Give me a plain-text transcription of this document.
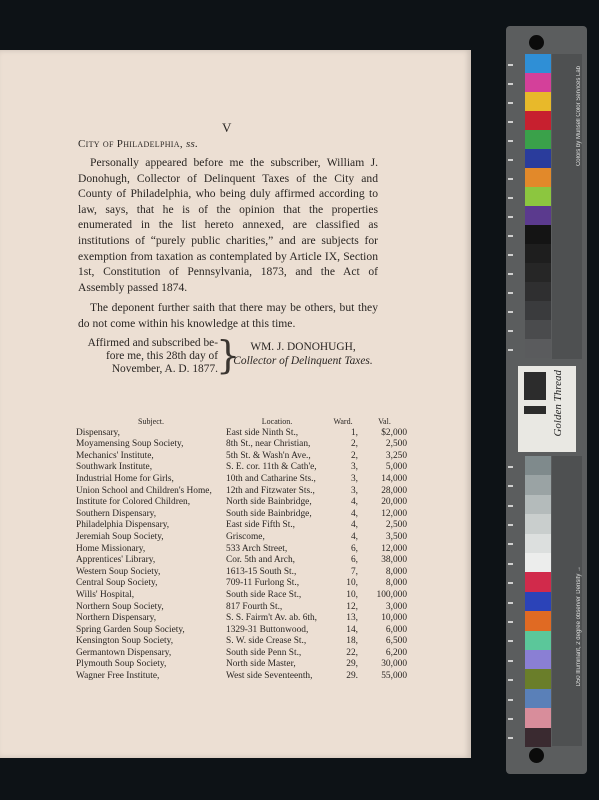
V
City of Philadelphia, ss.
Personally appeared before me the subscriber, William J. Donohugh, Collector of Delinquent Taxes of the City and County of Philadelphia, who being duly affirmed according to law, says, that he is of the opinion that the properties enumerated in the list hereto annexed, are classified as institutions of “purely public charities,” and are subjects for exemption from taxation as contemplated by Article IX, Section 1st, Constitution of Pennsylvania, 1873, and the Act of Assembly passed 1874.
The deponent further saith that there may be others, but they do not come within his knowledge at this time.
Affirmed and subscribed be-
fore me, this 28th day of
November, A. D. 1877.
} WM. J. DONOHUGH,
Collector of Delinquent Taxes.
Subject.	Location.	Ward.	Val.
Dispensary,	East side Ninth St.,	1,	$2,000
Moyamensing Soup Society,	8th St., near Christian,	2,	2,500
Mechanics' Institute,	5th St. & Wash'n Ave.,	2,	3,250
Southwark Institute,	S. E. cor. 11th & Cath'e,	3,	5,000
Industrial Home for Girls,	10th and Catharine Sts.,	3,	14,000
Union School and Children's Home,	12th and Fitzwater Sts.,	3,	28,000
Institute for Colored Children,	North side Bainbridge,	4,	20,000
Southern Dispensary,	South side Bainbridge,	4,	12,000
Philadelphia Dispensary,	East side Fifth St.,	4,	2,500
Jeremiah Soup Society,	Griscome,	4,	3,500
Home Missionary,	533 Arch Street,	6,	12,000
Apprentices' Library,	Cor. 5th and Arch,	6,	38,000
Western Soup Society,	1613-15 South St.,	7,	8,000
Central Soup Society,	709-11 Furlong St.,	10,	8,000
Wills' Hospital,	South side Race St.,	10,	100,000
Northern Soup Society,	817 Fourth St.,	12,	3,000
Northern Dispensary,	S. S. Fairm't Av. ab. 6th,	13,	10,000
Spring Garden Soup Society,	1329-31 Buttonwood,	14,	6,000
Kensington Soup Society,	S. W. side Crease St.,	18,	6,500
Germantown Dispensary,	South side Penn St.,	22,	6,200
Plymouth Soup Society,	North side Master,	29,	30,000
Wagner Free Institute,	West side Seventeenth,	29.	55,000
Colors by Munsell Color Services Lab
D50 Illuminant, 2 degree observer
Density →
Golden Thread
